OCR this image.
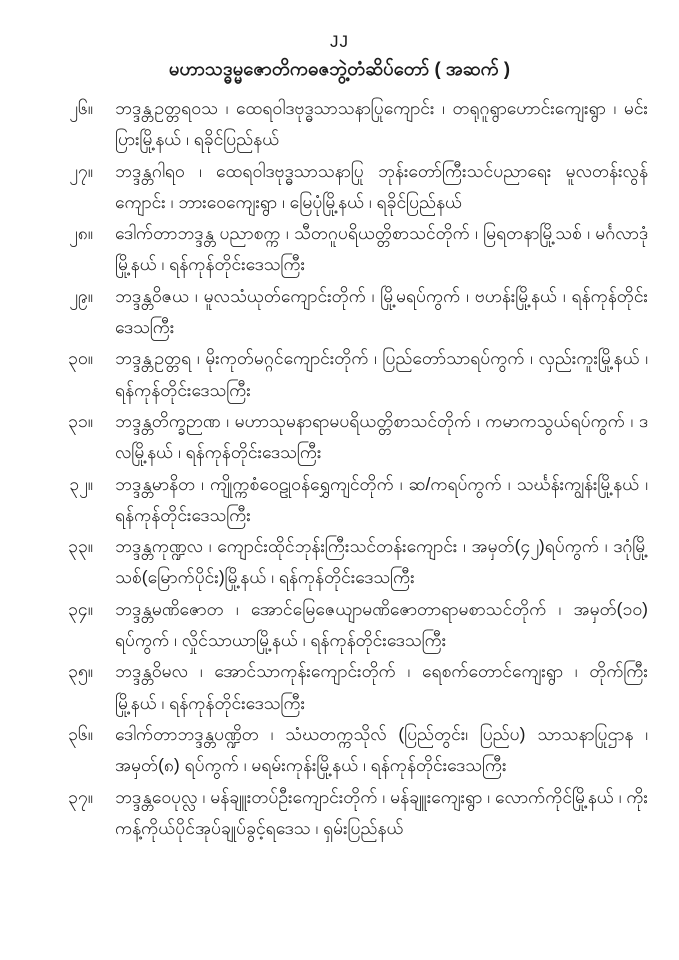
JJ
မဟာသဒ္ဓမ္မဇောတိကဓဇဘွဲ့တံဆိပ်တော် ( အဆက် )
၂၆။ ဘဒ္ဒန္တဥတ္တရဝသ ၊ ထေရဝါဒဗုဒ္ဓသာသနာပြုကျောင်း ၊ တရုဂူရွာဟောင်းကျေးရွာ ၊ မင်းပြားမြို့နယ် ၊ ရခိုင်ပြည်နယ်
၂၇။ ဘဒ္ဒန္တဂါရဝ ၊ ထေရဝါဒဗုဒ္ဓသာသနာပြု ဘုန်းတော်ကြီးသင်ပညာရေး မူလတန်းလွန်ကျောင်း ၊ ဘားဝေကျေးရွာ ၊ မြေပုံမြို့နယ် ၊ ရခိုင်ပြည်နယ်
၂၈။ ဒေါက်တာဘဒ္ဒန္တ ပညာစက္က ၊ သီတဂူပရိယတ္တိစာသင်တိုက် ၊ မြရတနာမြို့သစ် ၊ မင်္ဂလာဒုံ မြို့နယ် ၊ ရန်ကုန်တိုင်းဒေသကြီး
၂၉။ ဘဒ္ဒန္တဝိဇယ ၊ မူလသံယုတ်ကျောင်းတိုက် ၊ မြို့မရပ်ကွက် ၊ ဗဟန်းမြို့နယ် ၊ ရန်ကုန်တိုင်းဒေသကြီး
၃၀။ ဘဒ္ဒန္တဥတ္တရ ၊ မိုးကုတ်မဂ္ဂင်ကျောင်းတိုက် ၊ ပြည်တော်သာရပ်ကွက် ၊ လှည်းကူးမြို့နယ် ၊ ရန်ကုန်တိုင်းဒေသကြီး
၃၁။ ဘဒ္ဒန္တတိက္ခဉာဏ ၊ မဟာသုမနာရာမပရိယတ္တိစာသင်တိုက် ၊ ကမာကသွယ်ရပ်ကွက် ၊ ဒလမြို့နယ် ၊ ရန်ကုန်တိုင်းဒေသကြီး
၃၂။ ဘဒ္ဒန္တမာနိတ ၊ ကျိုက္ကစံဝေဠုဝန်ရွှေကျင်တိုက် ၊ ဆ/ကရပ်ကွက် ၊ သင်္ဃန်းကျွန်းမြို့နယ် ၊ ရန်ကုန်တိုင်းဒေသကြီး
၃၃။ ဘဒ္ဒန္တကုဏ္ဍလ ၊ ကျောင်းထိုင်ဘုန်းကြီးသင်တန်းကျောင်း ၊ အမှတ်(၄၂)ရပ်ကွက် ၊ ဒဂုံမြို့သစ်(မြောက်ပိုင်း)မြို့နယ် ၊ ရန်ကုန်တိုင်းဒေသကြီး
၃၄။ ဘဒ္ဒန္တမဏိဇောတ ၊ အောင်မြေဇေယျာမဏိဇောတာရာမစာသင်တိုက် ၊ အမှတ်(၁၀) ရပ်ကွက် ၊ လှိုင်သာယာမြို့နယ် ၊ ရန်ကုန်တိုင်းဒေသကြီး
၃၅။ ဘဒ္ဒန္တဝိမလ ၊ အောင်သာကုန်းကျောင်းတိုက် ၊ ရေစက်တောင်ကျေးရွာ ၊ တိုက်ကြီး မြို့နယ် ၊ ရန်ကုန်တိုင်းဒေသကြီး
၃၆။ ဒေါက်တာဘဒ္ဒန္တပဏ္ဍိတ ၊ သံဃတက္ကသိုလ် (ပြည်တွင်း၊ ပြည်ပ) သာသနာပြုဌာန ၊ အမှတ်(၈) ရပ်ကွက် ၊ မရမ်းကုန်းမြို့နယ် ၊ ရန်ကုန်တိုင်းဒေသကြီး
၃၇။ ဘဒ္ဒန္တဝေပုလ္လ ၊ မန်ချူးတပ်ဦးကျောင်းတိုက် ၊ မန်ချူးကျေးရွာ ၊ လောက်ကိုင်မြို့နယ် ၊ ကိုးကန့်ကိုယ်ပိုင်အုပ်ချုပ်ခွင့်ရဒေသ ၊ ရှမ်းပြည်နယ်
